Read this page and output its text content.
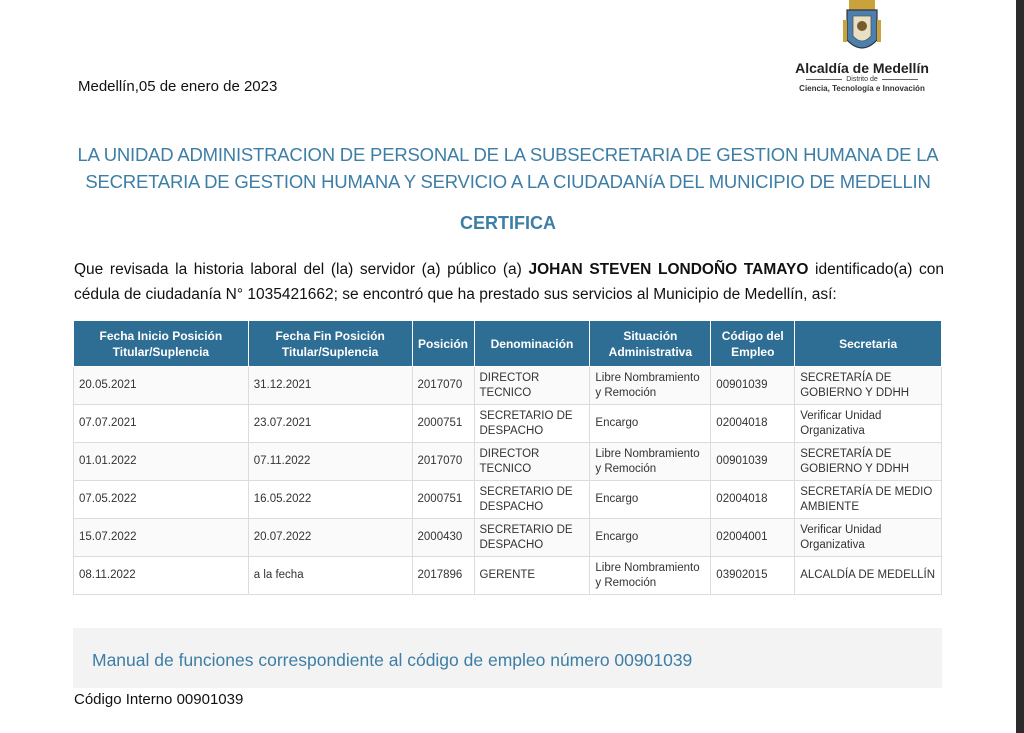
Alcaldía de Medellín
Distrito de
Ciencia, Tecnología e Innovación
Medellín,05 de enero de 2023
LA UNIDAD ADMINISTRACION DE PERSONAL DE LA SUBSECRETARIA DE GESTION HUMANA DE LA
SECRETARIA DE GESTION HUMANA Y SERVICIO A LA CIUDADANíA DEL MUNICIPIO DE MEDELLIN
CERTIFICA
Que revisada la historia laboral del (la) servidor (a) público (a) JOHAN STEVEN LONDOÑO TAMAYO identificado(a) con cédula de ciudadanía N° 1035421662; se encontró que ha prestado sus servicios al Municipio de Medellín, así:
Fecha Inicio Posición Titular/Suplencia	Fecha Fin Posición Titular/Suplencia	Posición	Denominación	Situación Administrativa	Código del Empleo	Secretaria
20.05.2021	31.12.2021	2017070	DIRECTOR TECNICO	Libre Nombramiento y Remoción	00901039	SECRETARÍA DE GOBIERNO Y DDHH
07.07.2021	23.07.2021	2000751	SECRETARIO DE DESPACHO	Encargo	02004018	Verificar Unidad Organizativa
01.01.2022	07.11.2022	2017070	DIRECTOR TECNICO	Libre Nombramiento y Remoción	00901039	SECRETARÍA DE GOBIERNO Y DDHH
07.05.2022	16.05.2022	2000751	SECRETARIO DE DESPACHO	Encargo	02004018	SECRETARÍA DE MEDIO AMBIENTE
15.07.2022	20.07.2022	2000430	SECRETARIO DE DESPACHO	Encargo	02004001	Verificar Unidad Organizativa
08.11.2022	a la fecha	2017896	GERENTE	Libre Nombramiento y Remoción	03902015	ALCALDÍA DE MEDELLÍN
Manual de funciones correspondiente al código de empleo número 00901039
Código Interno 00901039
